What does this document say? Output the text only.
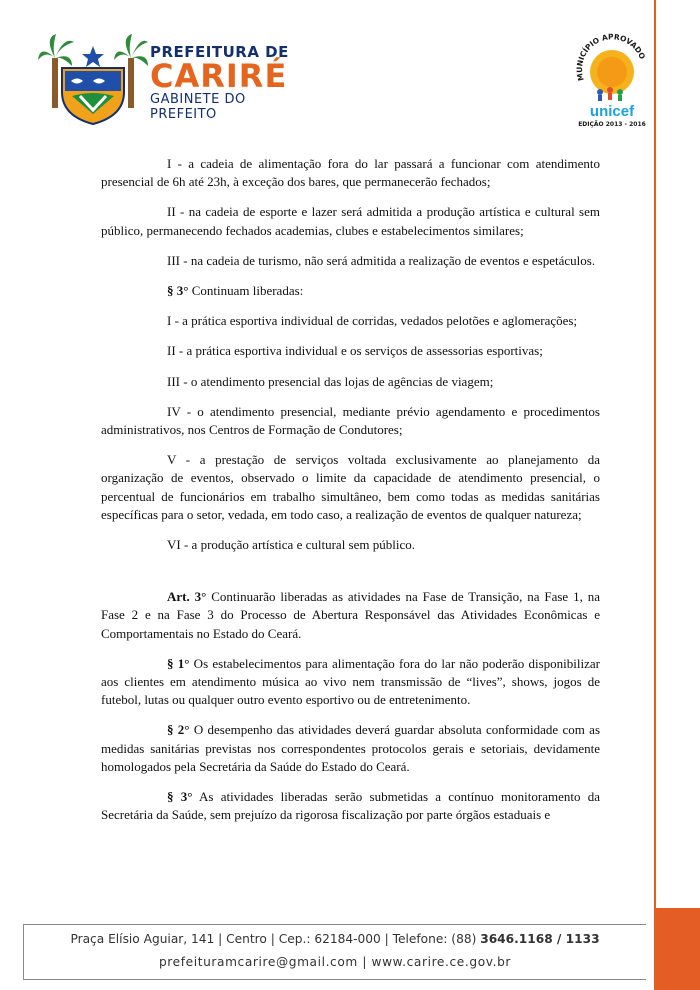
PREFEITURA DE
CARIRÉ
GABINETE DO PREFEITO
MUNICÍPIO APROVADO
unicef
EDIÇÃO 2013 - 2016

I - a cadeia de alimentação fora do lar passará a funcionar com atendimento presencial de 6h até 23h, à exceção dos bares, que permanecerão fechados;

II - na cadeia de esporte e lazer será admitida a produção artística e cultural sem público, permanecendo fechados academias, clubes e estabelecimentos similares;

III - na cadeia de turismo, não será admitida a realização de eventos e espetáculos.

§ 3° Continuam liberadas:

I - a prática esportiva individual de corridas, vedados pelotões e aglomerações;

II - a prática esportiva individual e os serviços de assessorias esportivas;

III - o atendimento presencial das lojas de agências de viagem;

IV - o atendimento presencial, mediante prévio agendamento e procedimentos administrativos, nos Centros de Formação de Condutores;

V - a prestação de serviços voltada exclusivamente ao planejamento da organização de eventos, observado o limite da capacidade de atendimento presencial, o percentual de funcionários em trabalho simultâneo, bem como todas as medidas sanitárias específicas para o setor, vedada, em todo caso, a realização de eventos de qualquer natureza;

VI - a produção artística e cultural sem público.

Art. 3° Continuarão liberadas as atividades na Fase de Transição, na Fase 1, na Fase 2 e na Fase 3 do Processo de Abertura Responsável das Atividades Econômicas e Comportamentais no Estado do Ceará.

§ 1° Os estabelecimentos para alimentação fora do lar não poderão disponibilizar aos clientes em atendimento música ao vivo nem transmissão de “lives”, shows, jogos de futebol, lutas ou qualquer outro evento esportivo ou de entretenimento.

§ 2° O desempenho das atividades deverá guardar absoluta conformidade com as medidas sanitárias previstas nos correspondentes protocolos gerais e setoriais, devidamente homologados pela Secretária da Saúde do Estado do Ceará.

§ 3° As atividades liberadas serão submetidas a contínuo monitoramento da Secretária da Saúde, sem prejuízo da rigorosa fiscalização por parte órgãos estaduais e

Praça Elísio Aguiar, 141 | Centro | Cep.: 62184-000 | Telefone: (88) 3646.1168 / 1133
prefeituramcarire@gmail.com | www.carire.ce.gov.br
